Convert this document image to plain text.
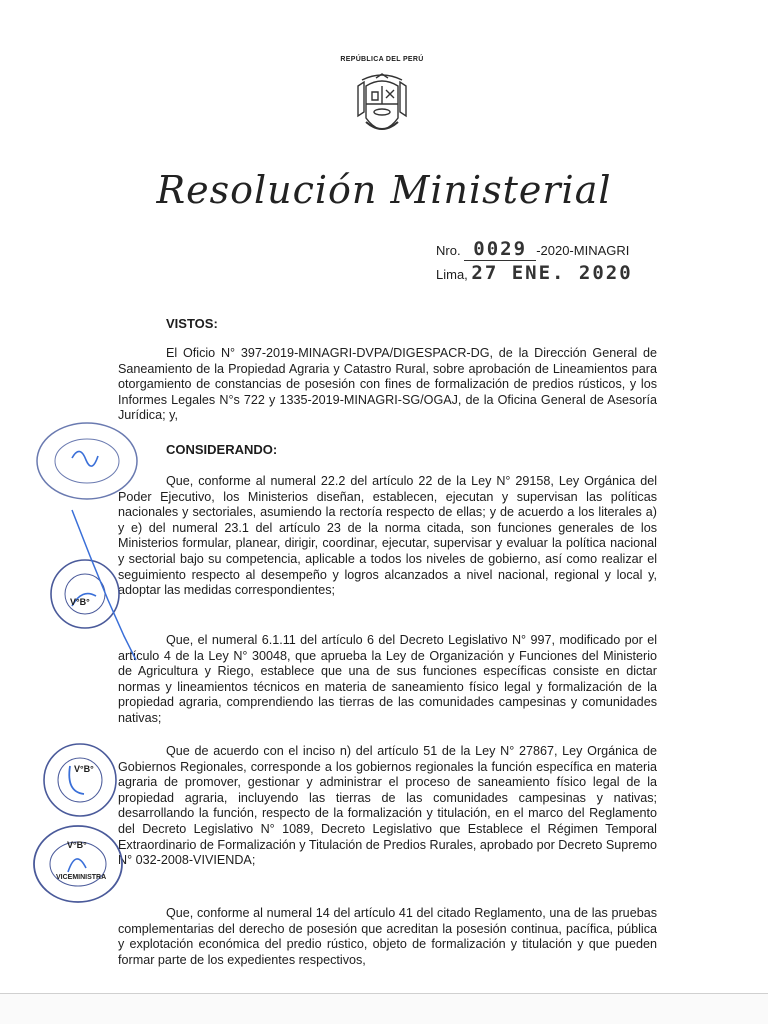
REPÚBLICA DEL PERÚ
Resolución Ministerial
Nro. 0029 -2020-MINAGRI
Lima, 27 ENE. 2020
VISTOS:

El Oficio N° 397-2019-MINAGRI-DVPA/DIGESPACR-DG, de la Dirección General de Saneamiento de la Propiedad Agraria y Catastro Rural, sobre aprobación de Lineamientos para otorgamiento de constancias de posesión con fines de formalización de predios rústicos, y los Informes Legales N°s 722 y 1335-2019-MINAGRI-SG/OGAJ, de la Oficina General de Asesoría Jurídica; y,

CONSIDERANDO:

Que, conforme al numeral 22.2 del artículo 22 de la Ley N° 29158, Ley Orgánica del Poder Ejecutivo, los Ministerios diseñan, establecen, ejecutan y supervisan las políticas nacionales y sectoriales, asumiendo la rectoría respecto de ellas; y de acuerdo a los literales a) y e) del numeral 23.1 del artículo 23 de la norma citada, son funciones generales de los Ministerios formular, planear, dirigir, coordinar, ejecutar, supervisar y evaluar la política nacional y sectorial bajo su competencia, aplicable a todos los niveles de gobierno, así como realizar el seguimiento respecto al desempeño y logros alcanzados a nivel nacional, regional y local y, adoptar las medidas correspondientes;

Que, el numeral 6.1.11 del artículo 6 del Decreto Legislativo N° 997, modificado por el artículo 4 de la Ley N° 30048, que aprueba la Ley de Organización y Funciones del Ministerio de Agricultura y Riego, establece que una de sus funciones específicas consiste en dictar normas y lineamientos técnicos en materia de saneamiento físico legal y formalización de la propiedad agraria, comprendiendo las tierras de las comunidades campesinas y comunidades nativas;

Que de acuerdo con el inciso n) del artículo 51 de la Ley N° 27867, Ley Orgánica de Gobiernos Regionales, corresponde a los gobiernos regionales la función específica en materia agraria de promover, gestionar y administrar el proceso de saneamiento físico legal de la propiedad agraria, incluyendo las tierras de las comunidades campesinas y nativas; desarrollando la función, respecto de la formalización y titulación, en el marco del Reglamento del Decreto Legislativo N° 1089, Decreto Legislativo que Establece el Régimen Temporal Extraordinario de Formalización y Titulación de Predios Rurales, aprobado por Decreto Supremo N° 032-2008-VIVIENDA;

Que, conforme al numeral 14 del artículo 41 del citado Reglamento, una de las pruebas complementarias del derecho de posesión que acreditan la posesión continua, pacífica, pública y explotación económica del predio rústico, objeto de formalización y titulación y que pueden formar parte de los expedientes respectivos,

V°B°
V°B°
V°B°
VICEMINISTRA
